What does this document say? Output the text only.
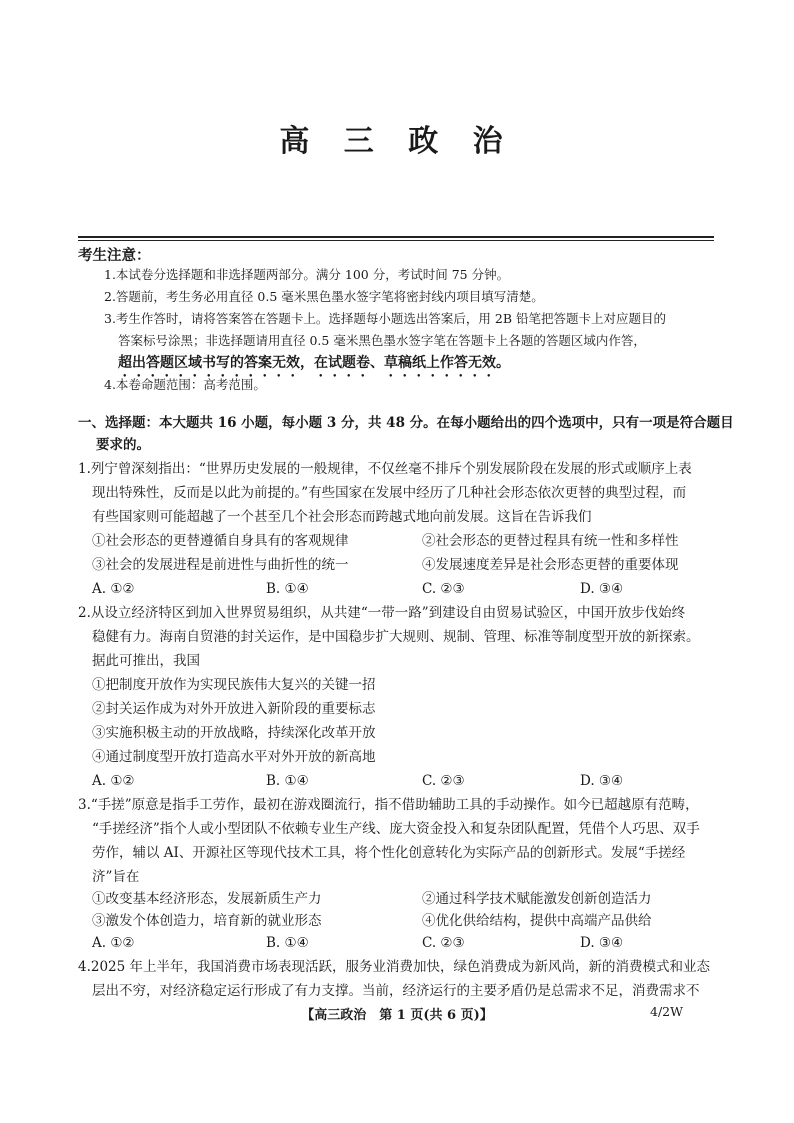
高 三 政 治
考生注意：
1.本试卷分选择题和非选择题两部分。满分 100 分，考试时间 75 分钟。
2.答题前，考生务必用直径 0.5 毫米黑色墨水签字笔将密封线内项目填写清楚。
3.考生作答时，请将答案答在答题卡上。选择题每小题选出答案后，用 2B 铅笔把答题卡上对应题目的
答案标号涂黑；非选择题请用直径 0.5 毫米黑色墨水签字笔在答题卡上各题的答题区域内作答，
超出答题区域书写的答案无效，在试题卷、草稿纸上作答无效。
4.本卷命题范围：高考范围。
一、选择题：本大题共 16 小题，每小题 3 分，共 48 分。在每小题给出的四个选项中，只有一项是符合题目
要求的。
1.列宁曾深刻指出：“世界历史发展的一般规律，不仅丝毫不排斥个别发展阶段在发展的形式或顺序上表
现出特殊性，反而是以此为前提的。”有些国家在发展中经历了几种社会形态依次更替的典型过程，而
有些国家则可能超越了一个甚至几个社会形态而跨越式地向前发展。这旨在告诉我们
①社会形态的更替遵循自身具有的客观规律	②社会形态的更替过程具有统一性和多样性
③社会的发展进程是前进性与曲折性的统一	④发展速度差异是社会形态更替的重要体现
A. ①②	B. ①④	C. ②③	D. ③④
2.从设立经济特区到加入世界贸易组织，从共建“一带一路”到建设自由贸易试验区，中国开放步伐始终
稳健有力。海南自贸港的封关运作，是中国稳步扩大规则、规制、管理、标准等制度型开放的新探索。
据此可推出，我国
①把制度开放作为实现民族伟大复兴的关键一招
②封关运作成为对外开放进入新阶段的重要标志
③实施积极主动的开放战略，持续深化改革开放
④通过制度型开放打造高水平对外开放的新高地
A. ①②	B. ①④	C. ②③	D. ③④
3.“手搓”原意是指手工劳作，最初在游戏圈流行，指不借助辅助工具的手动操作。如今已超越原有范畴，
“手搓经济”指个人或小型团队不依赖专业生产线、庞大资金投入和复杂团队配置，凭借个人巧思、双手
劳作，辅以 AI、开源社区等现代技术工具，将个性化创意转化为实际产品的创新形式。发展“手搓经
济”旨在
①改变基本经济形态，发展新质生产力	②通过科学技术赋能激发创新创造活力
③激发个体创造力，培育新的就业形态	④优化供给结构，提供中高端产品供给
A. ①②	B. ①④	C. ②③	D. ③④
4.2025 年上半年，我国消费市场表现活跃，服务业消费加快，绿色消费成为新风尚，新的消费模式和业态
层出不穷，对经济稳定运行形成了有力支撑。当前，经济运行的主要矛盾仍是总需求不足，消费需求不
【高三政治　第 1 页(共 6 页)】	4/2W
